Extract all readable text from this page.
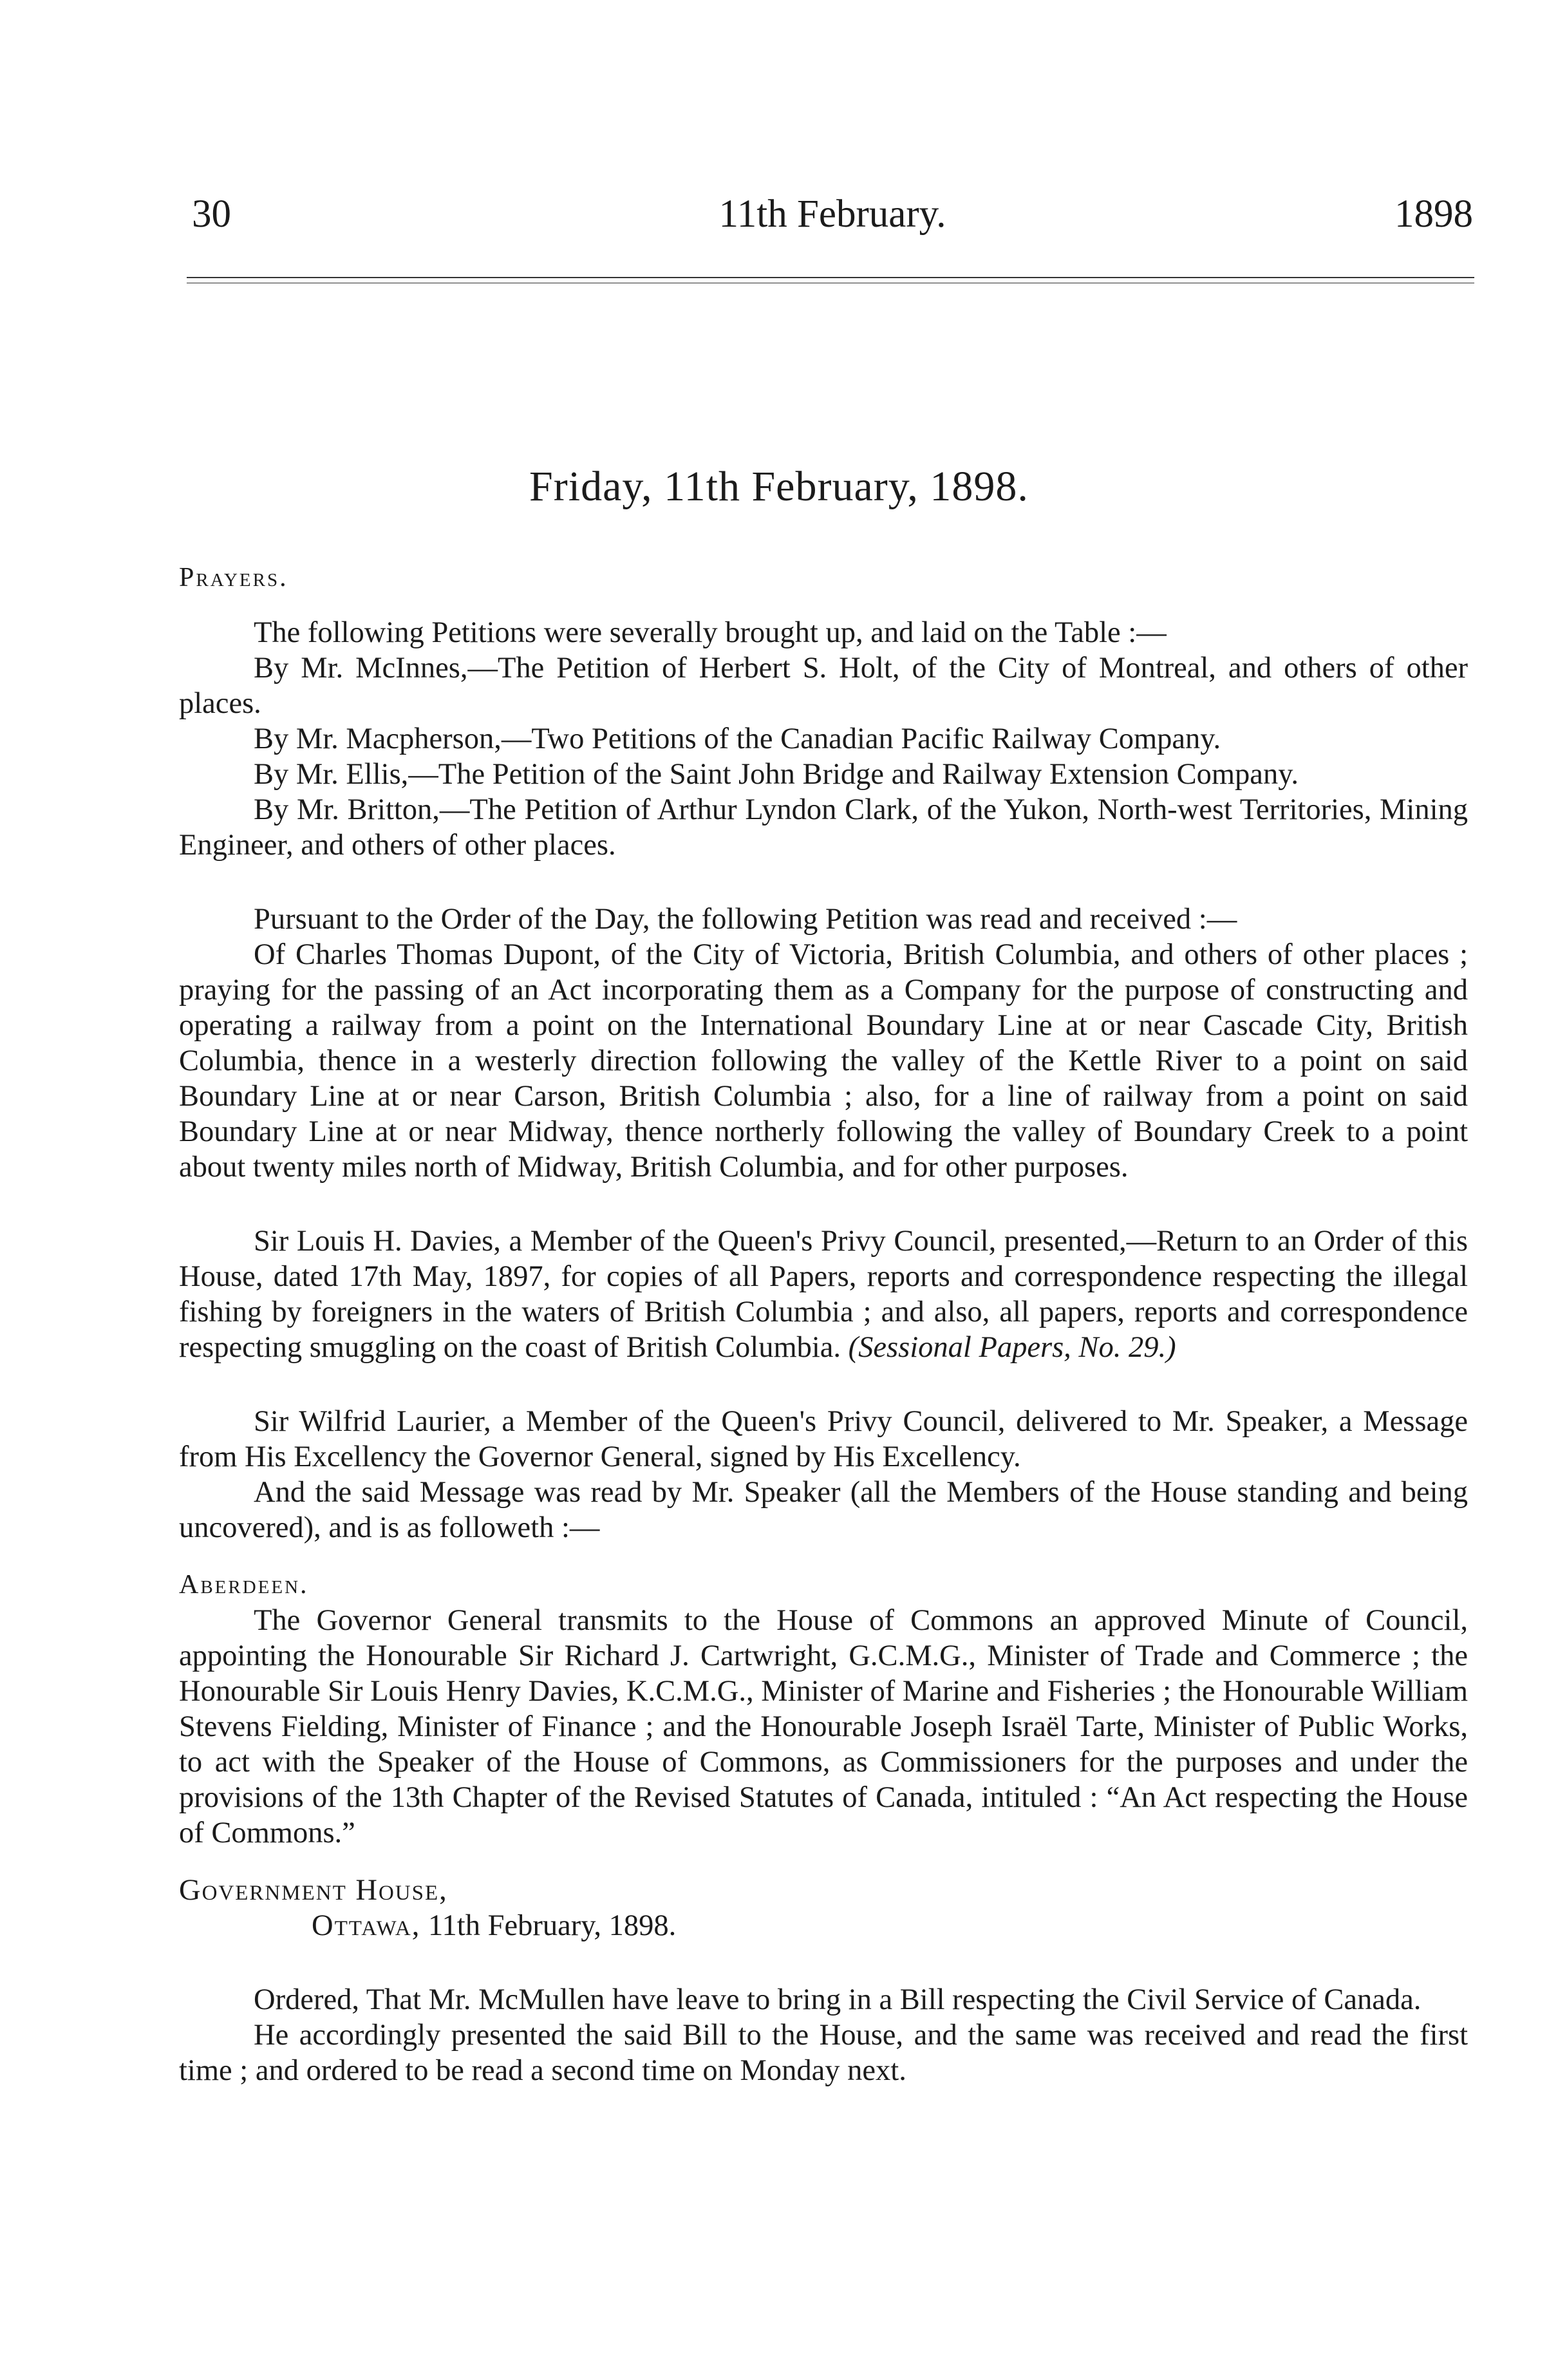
30	11th February.	1898
Friday, 11th February, 1898.

Prayers.

The following Petitions were severally brought up, and laid on the Table :—

By Mr. McInnes,—The Petition of Herbert S. Holt, of the City of Montreal, and others of other places.

By Mr. Macpherson,—Two Petitions of the Canadian Pacific Railway Company.

By Mr. Ellis,—The Petition of the Saint John Bridge and Railway Extension Company.

By Mr. Britton,—The Petition of Arthur Lyndon Clark, of the Yukon, North-west Territories, Mining Engineer, and others of other places.

Pursuant to the Order of the Day, the following Petition was read and received :—

Of Charles Thomas Dupont, of the City of Victoria, British Columbia, and others of other places ; praying for the passing of an Act incorporating them as a Company for the purpose of constructing and operating a railway from a point on the International Boundary Line at or near Cascade City, British Columbia, thence in a westerly direction following the valley of the Kettle River to a point on said Boundary Line at or near Carson, British Columbia ; also, for a line of railway from a point on said Boundary Line at or near Midway, thence northerly following the valley of Boundary Creek to a point about twenty miles north of Midway, British Columbia, and for other purposes.

Sir Louis H. Davies, a Member of the Queen's Privy Council, presented,—Return to an Order of this House, dated 17th May, 1897, for copies of all Papers, reports and correspondence respecting the illegal fishing by foreigners in the waters of British Columbia ; and also, all papers, reports and correspondence respecting smuggling on the coast of British Columbia. (Sessional Papers, No. 29.)

Sir Wilfrid Laurier, a Member of the Queen's Privy Council, delivered to Mr. Speaker, a Message from His Excellency the Governor General, signed by His Excellency.

And the said Message was read by Mr. Speaker (all the Members of the House standing and being uncovered), and is as followeth :—

Aberdeen.

The Governor General transmits to the House of Commons an approved Minute of Council, appointing the Honourable Sir Richard J. Cartwright, G.C.M.G., Minister of Trade and Commerce ; the Honourable Sir Louis Henry Davies, K.C.M.G., Minister of Marine and Fisheries ; the Honourable William Stevens Fielding, Minister of Finance ; and the Honourable Joseph Israël Tarte, Minister of Public Works, to act with the Speaker of the House of Commons, as Commissioners for the purposes and under the provisions of the 13th Chapter of the Revised Statutes of Canada, intituled : “An Act respecting the House of Commons.”

Government House,

Ottawa, 11th February, 1898.

Ordered, That Mr. McMullen have leave to bring in a Bill respecting the Civil Service of Canada.

He accordingly presented the said Bill to the House, and the same was received and read the first time ; and ordered to be read a second time on Monday next.
